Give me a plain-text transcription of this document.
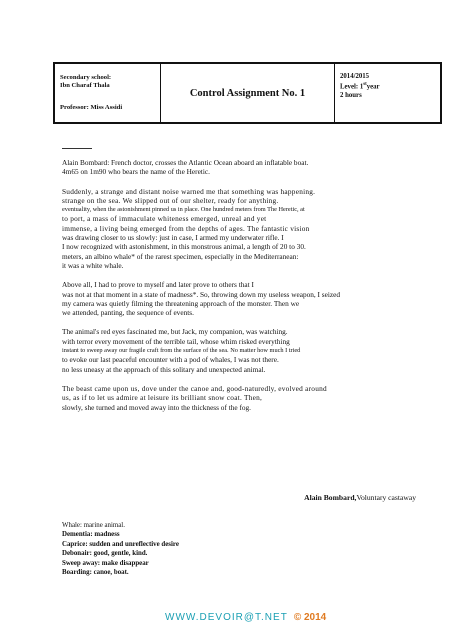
Secondary school:
Ibn Charaf Thala
Professor: Miss Assidi
Control Assignment No. 1
2014/2015
Level: 1styear
2 hours
Alain Bombard: French doctor, crosses the Atlantic Ocean aboard an inflatable boat.
4m65 on 1m90 who bears the name of the Heretic.
Suddenly, a strange and distant noise warned me that something was happening.
strange on the sea. We slipped out of our shelter, ready for anything.
eventuality, when the astonishment pinned us in place. One hundred meters from The Heretic, at
to port, a mass of immaculate whiteness emerged, unreal and yet
immense, a living being emerged from the depths of ages. The fantastic vision
was drawing closer to us slowly: just in case, I armed my underwater rifle. I
I now recognized with astonishment, in this monstrous animal, a length of 20 to 30.
meters, an albino whale* of the rarest specimen, especially in the Mediterranean:
it was a white whale.
Above all, I had to prove to myself and later prove to others that I
was not at that moment in a state of madness*. So, throwing down my useless weapon, I seized
my camera was quietly filming the threatening approach of the monster. Then we
we attended, panting, the sequence of events.
The animal's red eyes fascinated me, but Jack, my companion, was watching.
with terror every movement of the terrible tail, whose whim risked everything
instant to sweep away our fragile craft from the surface of the sea. No matter how much I tried
to evoke our last peaceful encounter with a pod of whales, I was not there.
no less uneasy at the approach of this solitary and unexpected animal.
The beast came upon us, dove under the canoe and, good-naturedly, evolved around
us, as if to let us admire at leisure its brilliant snow coat. Then,
slowly, she turned and moved away into the thickness of the fog.
Alain Bombard,Voluntary castaway
Whale: marine animal.
Dementia: madness
Caprice: sudden and unreflective desire
Debonair: good, gentle, kind.
Sweep away: make disappear
Boarding: canoe, boat.
WWW.DEVOIR@T.NET © 2014
